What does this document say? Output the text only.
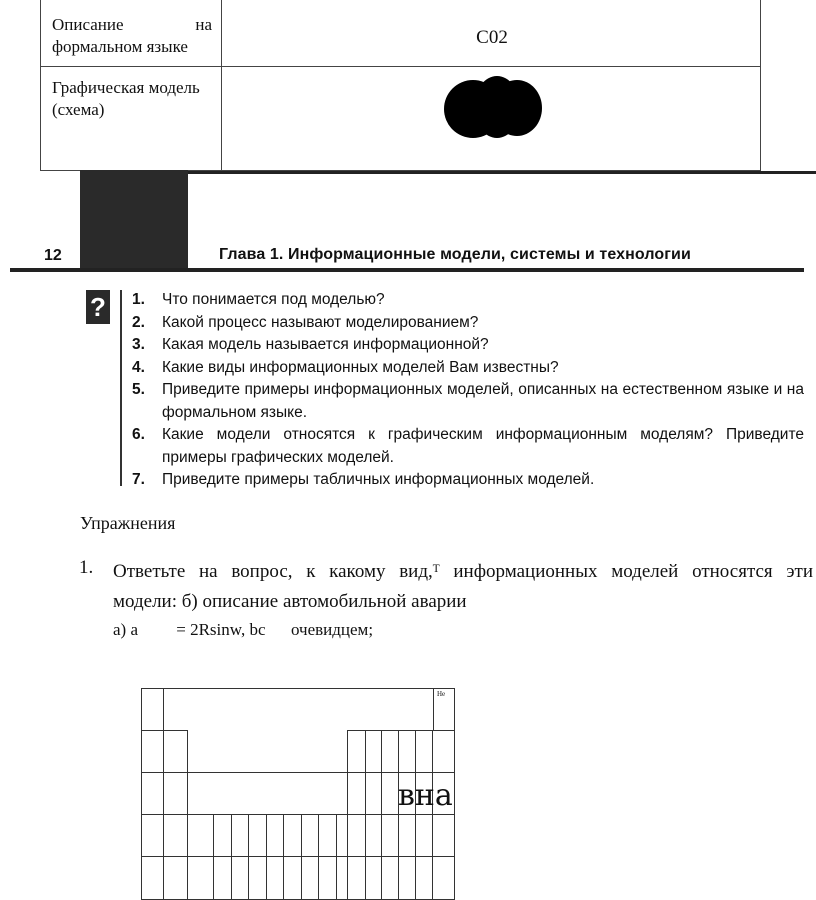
Описание на формальном языке	C02
Графическая модель (схема)
12	Глава 1. Информационные модели, системы и технологии
? 1.	Что понимается под моделью?
2.	Какой процесс называют моделированием?
3.	Какая модель называется информационной?
4.	Какие виды информационных моделей Вам известны?
5.	Приведите примеры информационных моделей, описанных на естественном языке и на формальном языке.
6.	Какие модели относятся к графическим информационным моделям? Приведите примеры графических моделей.
7.	Приведите примеры табличных информационных моделей.
Упражнения
1. Ответьте на вопрос, к какому вид,ᵀ информационных моделей относятся эти
модели: б) описание автомобильной аварии
а) а         = 2Rsinw, bc      очевидцем;
He
вна
